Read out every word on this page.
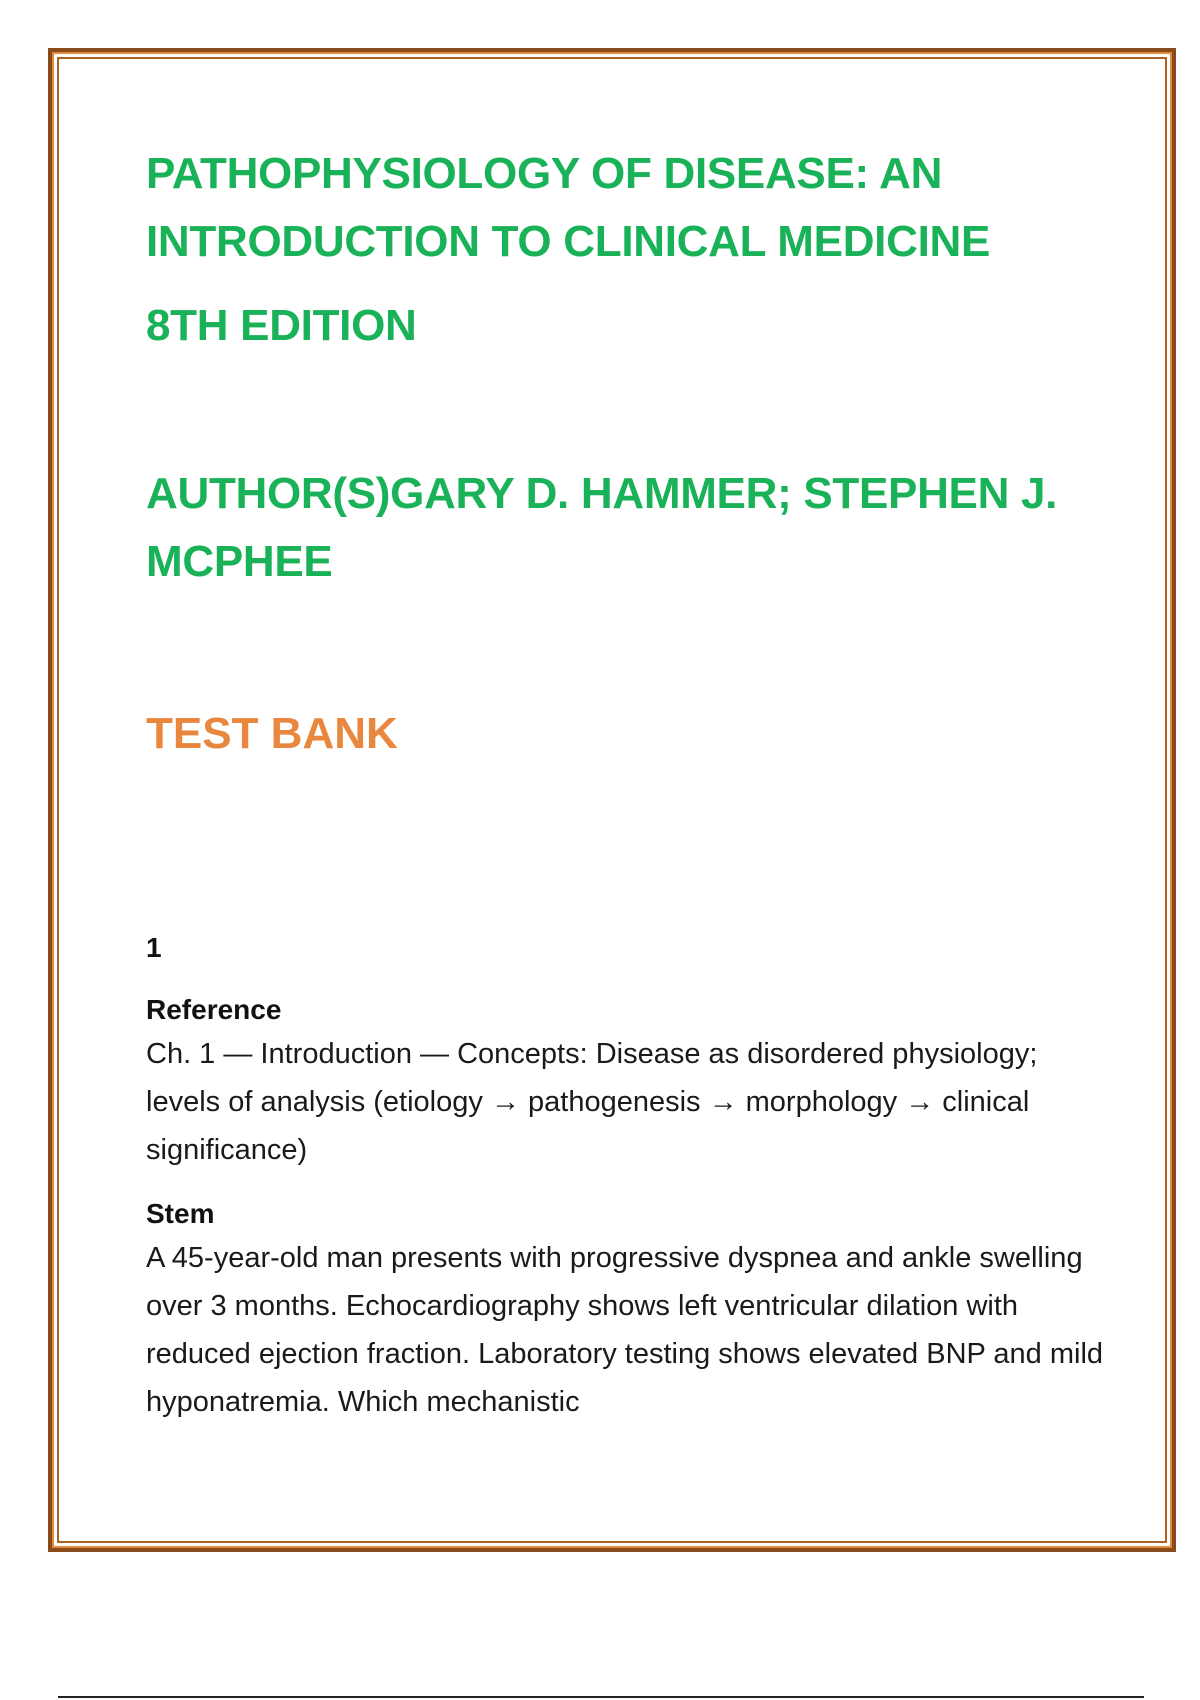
PATHOPHYSIOLOGY OF DISEASE: AN

INTRODUCTION TO CLINICAL MEDICINE

8TH EDITION

AUTHOR(S)GARY D. HAMMER; STEPHEN J.

MCPHEE

TEST BANK

1
Reference

Ch. 1 — Introduction — Concepts: Disease as disordered physiology; levels of analysis (etiology → pathogenesis → morphology → clinical significance)

Stem

A 45-year-old man presents with progressive dyspnea and ankle swelling over 3 months. Echocardiography shows left ventricular dilation with reduced ejection fraction. Laboratory testing shows elevated BNP and mild hyponatremia. Which mechanistic
